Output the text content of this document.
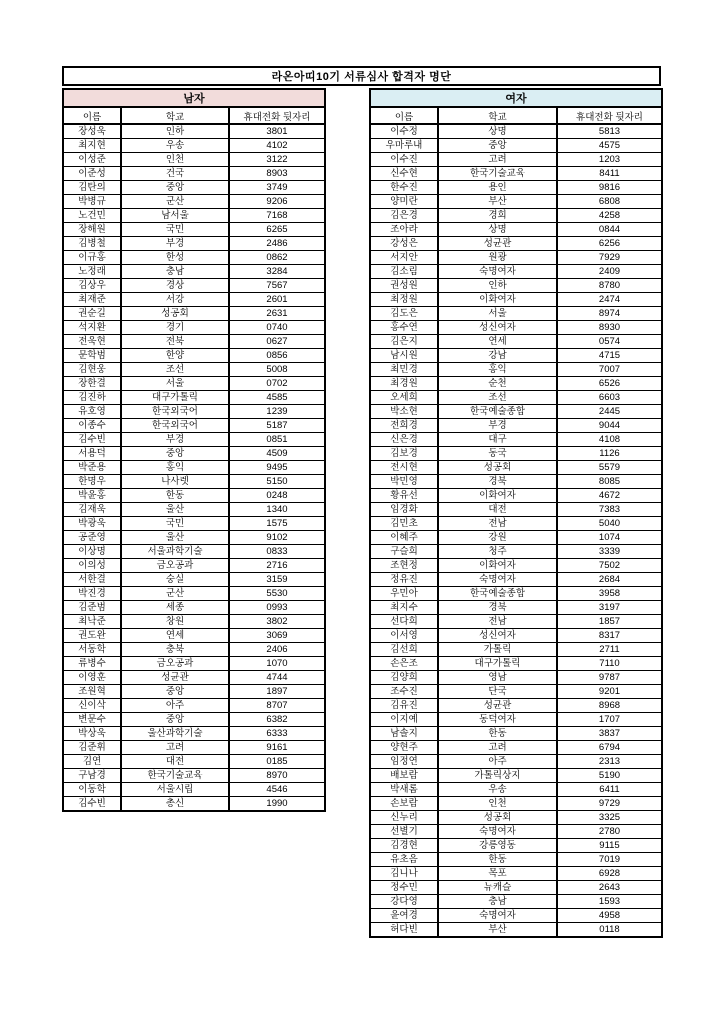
라온아띠10기 서류심사 합격자 명단
남자		
이름	학교	휴대전화 뒷자리
장성욱	인하	3801
최지현	우송	4102
이성준	인천	3122
이준성	건국	8903
김탄의	중앙	3749
박병규	군산	9206
노건민	남서울	7168
장해원	국민	6265
김병철	부경	2486
이규홍	한성	0862
노정래	충남	3284
김상우	경상	7567
최재준	서강	2601
권순길	성공회	2631
석지환	경기	0740
전욱현	전북	0627
문학범	한양	0856
김현웅	조선	5008
장한결	서울	0702
김진하	대구가톨릭	4585
유호영	한국외국어	1239
이종수	한국외국어	5187
김수빈	부경	0851
서용덕	중앙	4509
박준용	홍익	9495
한명우	나사렛	5150
박윤홍	한동	0248
김재욱	울산	1340
박광욱	국민	1575
공준영	울산	9102
이상명	서울과학기술	0833
이의성	금오공과	2716
서한결	숭실	3159
박진경	군산	5530
김준범	세종	0993
최낙준	창원	3802
권도완	연세	3069
서동학	충북	2406
류병수	금오공과	1070
이영훈	성균관	4744
조원혁	중앙	1897
신이삭	아주	8707
변문수	중앙	6382
박상욱	울산과학기술	6333
김준휘	고려	9161
김연	대전	0185
구남경	한국기술교육	8970
이동학	서울시립	4546
김수빈	총신	1990
여자		
이름	학교	휴대전화 뒷자리
이수정	상명	5813
우마루내	중앙	4575
이수진	고려	1203
신수현	한국기술교육	8411
한수진	용인	9816
양미란	부산	6808
김은경	경희	4258
조아라	상명	0844
강성은	성균관	6256
서지안	원광	7929
김소림	숙명여자	2409
권성원	인하	8780
최정원	이화여자	2474
김도은	서울	8974
홍수연	성신여자	8930
김은지	연세	0574
남시원	강남	4715
최민경	홍익	7007
최경원	순천	6526
오세희	조선	6603
박소현	한국예술종합	2445
전희경	부경	9044
신은경	대구	4108
김보경	동국	1126
전시현	성공회	5579
박민영	경북	8085
황유선	이화여자	4672
임경화	대전	7383
김민초	전남	5040
이혜주	강원	1074
구슬희	청주	3339
조현정	이화여자	7502
정유진	숙명여자	2684
우민아	한국예술종합	3958
최지수	경북	3197
선다희	전남	1857
이서영	성신여자	8317
김선희	가톨릭	2711
손은조	대구가톨릭	7110
김양희	영남	9787
조수진	단국	9201
김유진	성균관	8968
이지예	동덕여자	1707
남솔지	한동	3837
양현주	고려	6794
임정연	아주	2313
배보람	가톨릭상지	5190
박새롬	우송	6411
손보람	인천	9729
신누리	성공회	3325
선별기	숙명여자	2780
김경현	강릉영동	9115
유초음	한동	7019
김니나	목포	6928
정수민	뉴캐슬	2643
강다영	충남	1593
윤여경	숙명여자	4958
허다빈	부산	0118
